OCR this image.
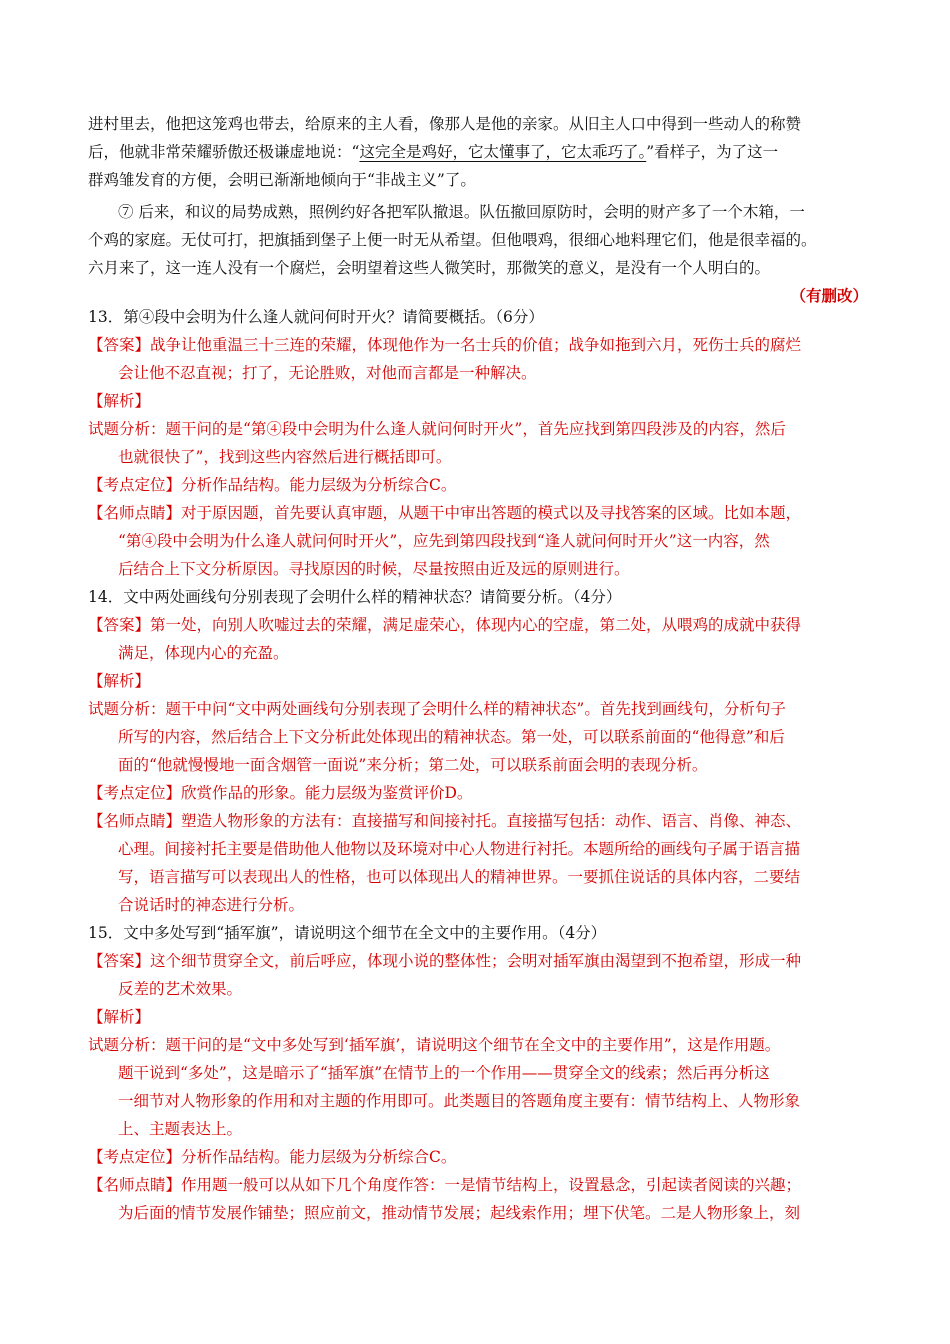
进村里去，他把这笼鸡也带去，给原来的主人看，像那人是他的亲家。从旧主人口中得到一些动人的称赞
后，他就非常荣耀骄傲还极谦虚地说：“这完全是鸡好，它太懂事了，它太乖巧了。”看样子，为了这一
群鸡雏发育的方便，会明已渐渐地倾向于“非战主义”了。
⑦ 后来，和议的局势成熟，照例约好各把军队撤退。队伍撤回原防时，会明的财产多了一个木箱，一
个鸡的家庭。无仗可打，把旗插到堡子上便一时无从希望。但他喂鸡，很细心地料理它们，他是很幸福的。
六月来了，这一连人没有一个腐烂，会明望着这些人微笑时，那微笑的意义，是没有一个人明白的。
（有删改）
13．第④段中会明为什么逢人就问何时开火？请简要概括。（6分）
【答案】战争让他重温三十三连的荣耀，体现他作为一名士兵的价值；战争如拖到六月，死伤士兵的腐烂
会让他不忍直视；打了，无论胜败，对他而言都是一种解决。
【解析】
试题分析：题干问的是“第④段中会明为什么逢人就问何时开火”，首先应找到第四段涉及的内容，然后
也就很快了”，找到这些内容然后进行概括即可。
【考点定位】分析作品结构。能力层级为分析综合C。
【名师点睛】对于原因题，首先要认真审题，从题干中审出答题的模式以及寻找答案的区域。比如本题，
“第④段中会明为什么逢人就问何时开火”，应先到第四段找到“逢人就问何时开火”这一内容，然
后结合上下文分析原因。寻找原因的时候，尽量按照由近及远的原则进行。
14．文中两处画线句分别表现了会明什么样的精神状态？请简要分析。（4分）
【答案】第一处，向别人吹嘘过去的荣耀，满足虚荣心，体现内心的空虚，第二处，从喂鸡的成就中获得
满足，体现内心的充盈。
【解析】
试题分析：题干中问“文中两处画线句分别表现了会明什么样的精神状态”。首先找到画线句，分析句子
所写的内容，然后结合上下文分析此处体现出的精神状态。第一处，可以联系前面的“他得意”和后
面的“他就慢慢地一面含烟管一面说”来分析；第二处，可以联系前面会明的表现分析。
【考点定位】欣赏作品的形象。能力层级为鉴赏评价D。
【名师点睛】塑造人物形象的方法有：直接描写和间接衬托。直接描写包括：动作、语言、肖像、神态、
心理。间接衬托主要是借助他人他物以及环境对中心人物进行衬托。本题所给的画线句子属于语言描
写，语言描写可以表现出人的性格，也可以体现出人的精神世界。一要抓住说话的具体内容，二要结
合说话时的神态进行分析。
15．文中多处写到“插军旗”，请说明这个细节在全文中的主要作用。（4分）
【答案】这个细节贯穿全文，前后呼应，体现小说的整体性；会明对插军旗由渴望到不抱希望，形成一种
反差的艺术效果。
【解析】
试题分析：题干问的是“文中多处写到‘插军旗’，请说明这个细节在全文中的主要作用”，这是作用题。
题干说到“多处”，这是暗示了“插军旗”在情节上的一个作用——贯穿全文的线索；然后再分析这
一细节对人物形象的作用和对主题的作用即可。此类题目的答题角度主要有：情节结构上、人物形象
上、主题表达上。
【考点定位】分析作品结构。能力层级为分析综合C。
【名师点睛】作用题一般可以从如下几个角度作答：一是情节结构上，设置悬念，引起读者阅读的兴趣；
为后面的情节发展作铺垫；照应前文，推动情节发展；起线索作用；埋下伏笔。二是人物形象上，刻
